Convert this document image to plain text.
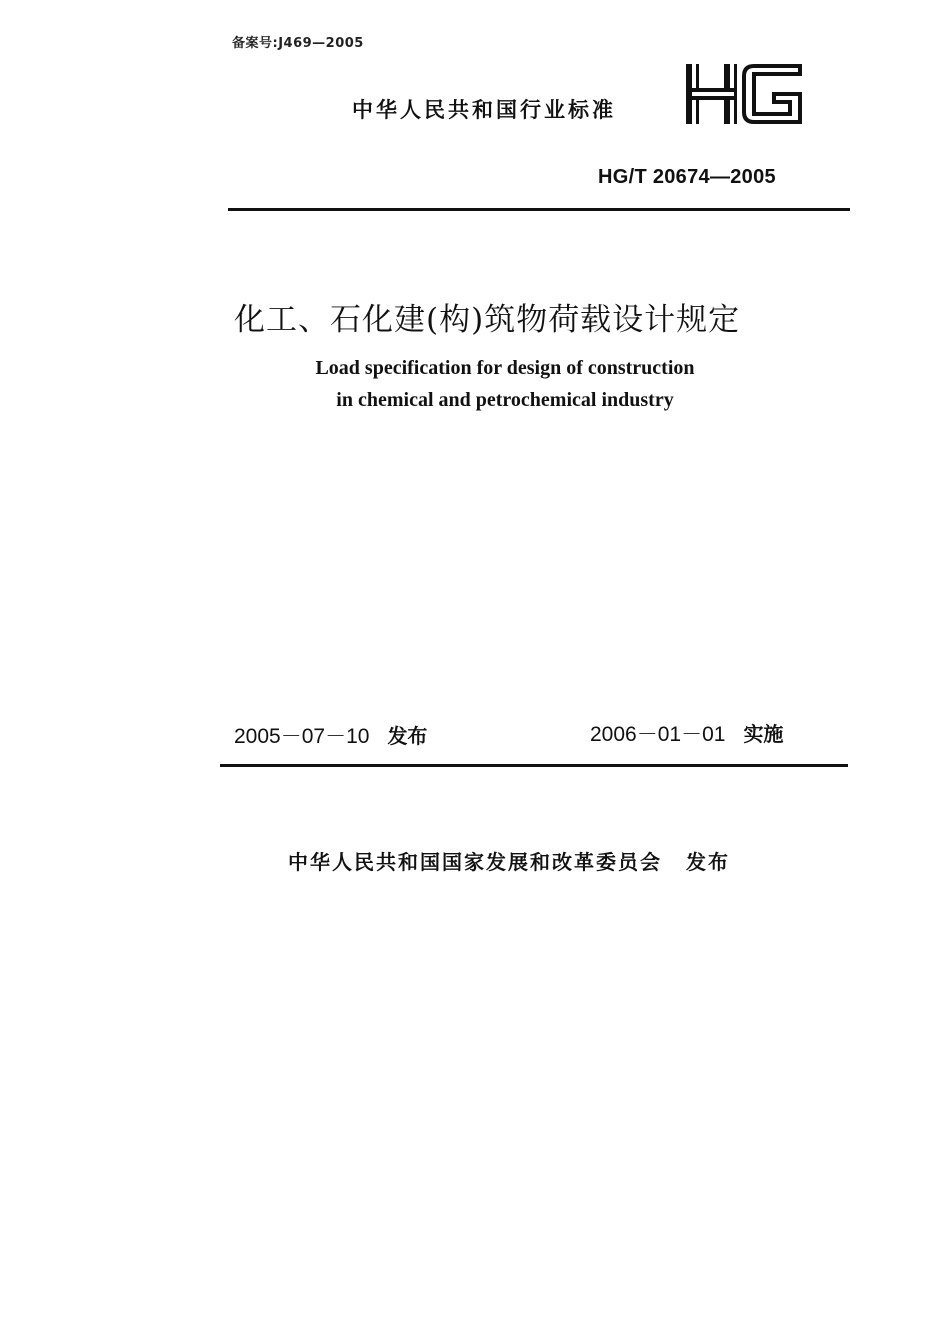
备案号:J469—2005
中华人民共和国行业标准
HG/T 20674—2005
化工、石化建(构)筑物荷载设计规定
Load specification for design of construction
in chemical and petrochemical industry
2005－07－10 发布	2006－01－01 实施
中华人民共和国国家发展和改革委员会 发布
